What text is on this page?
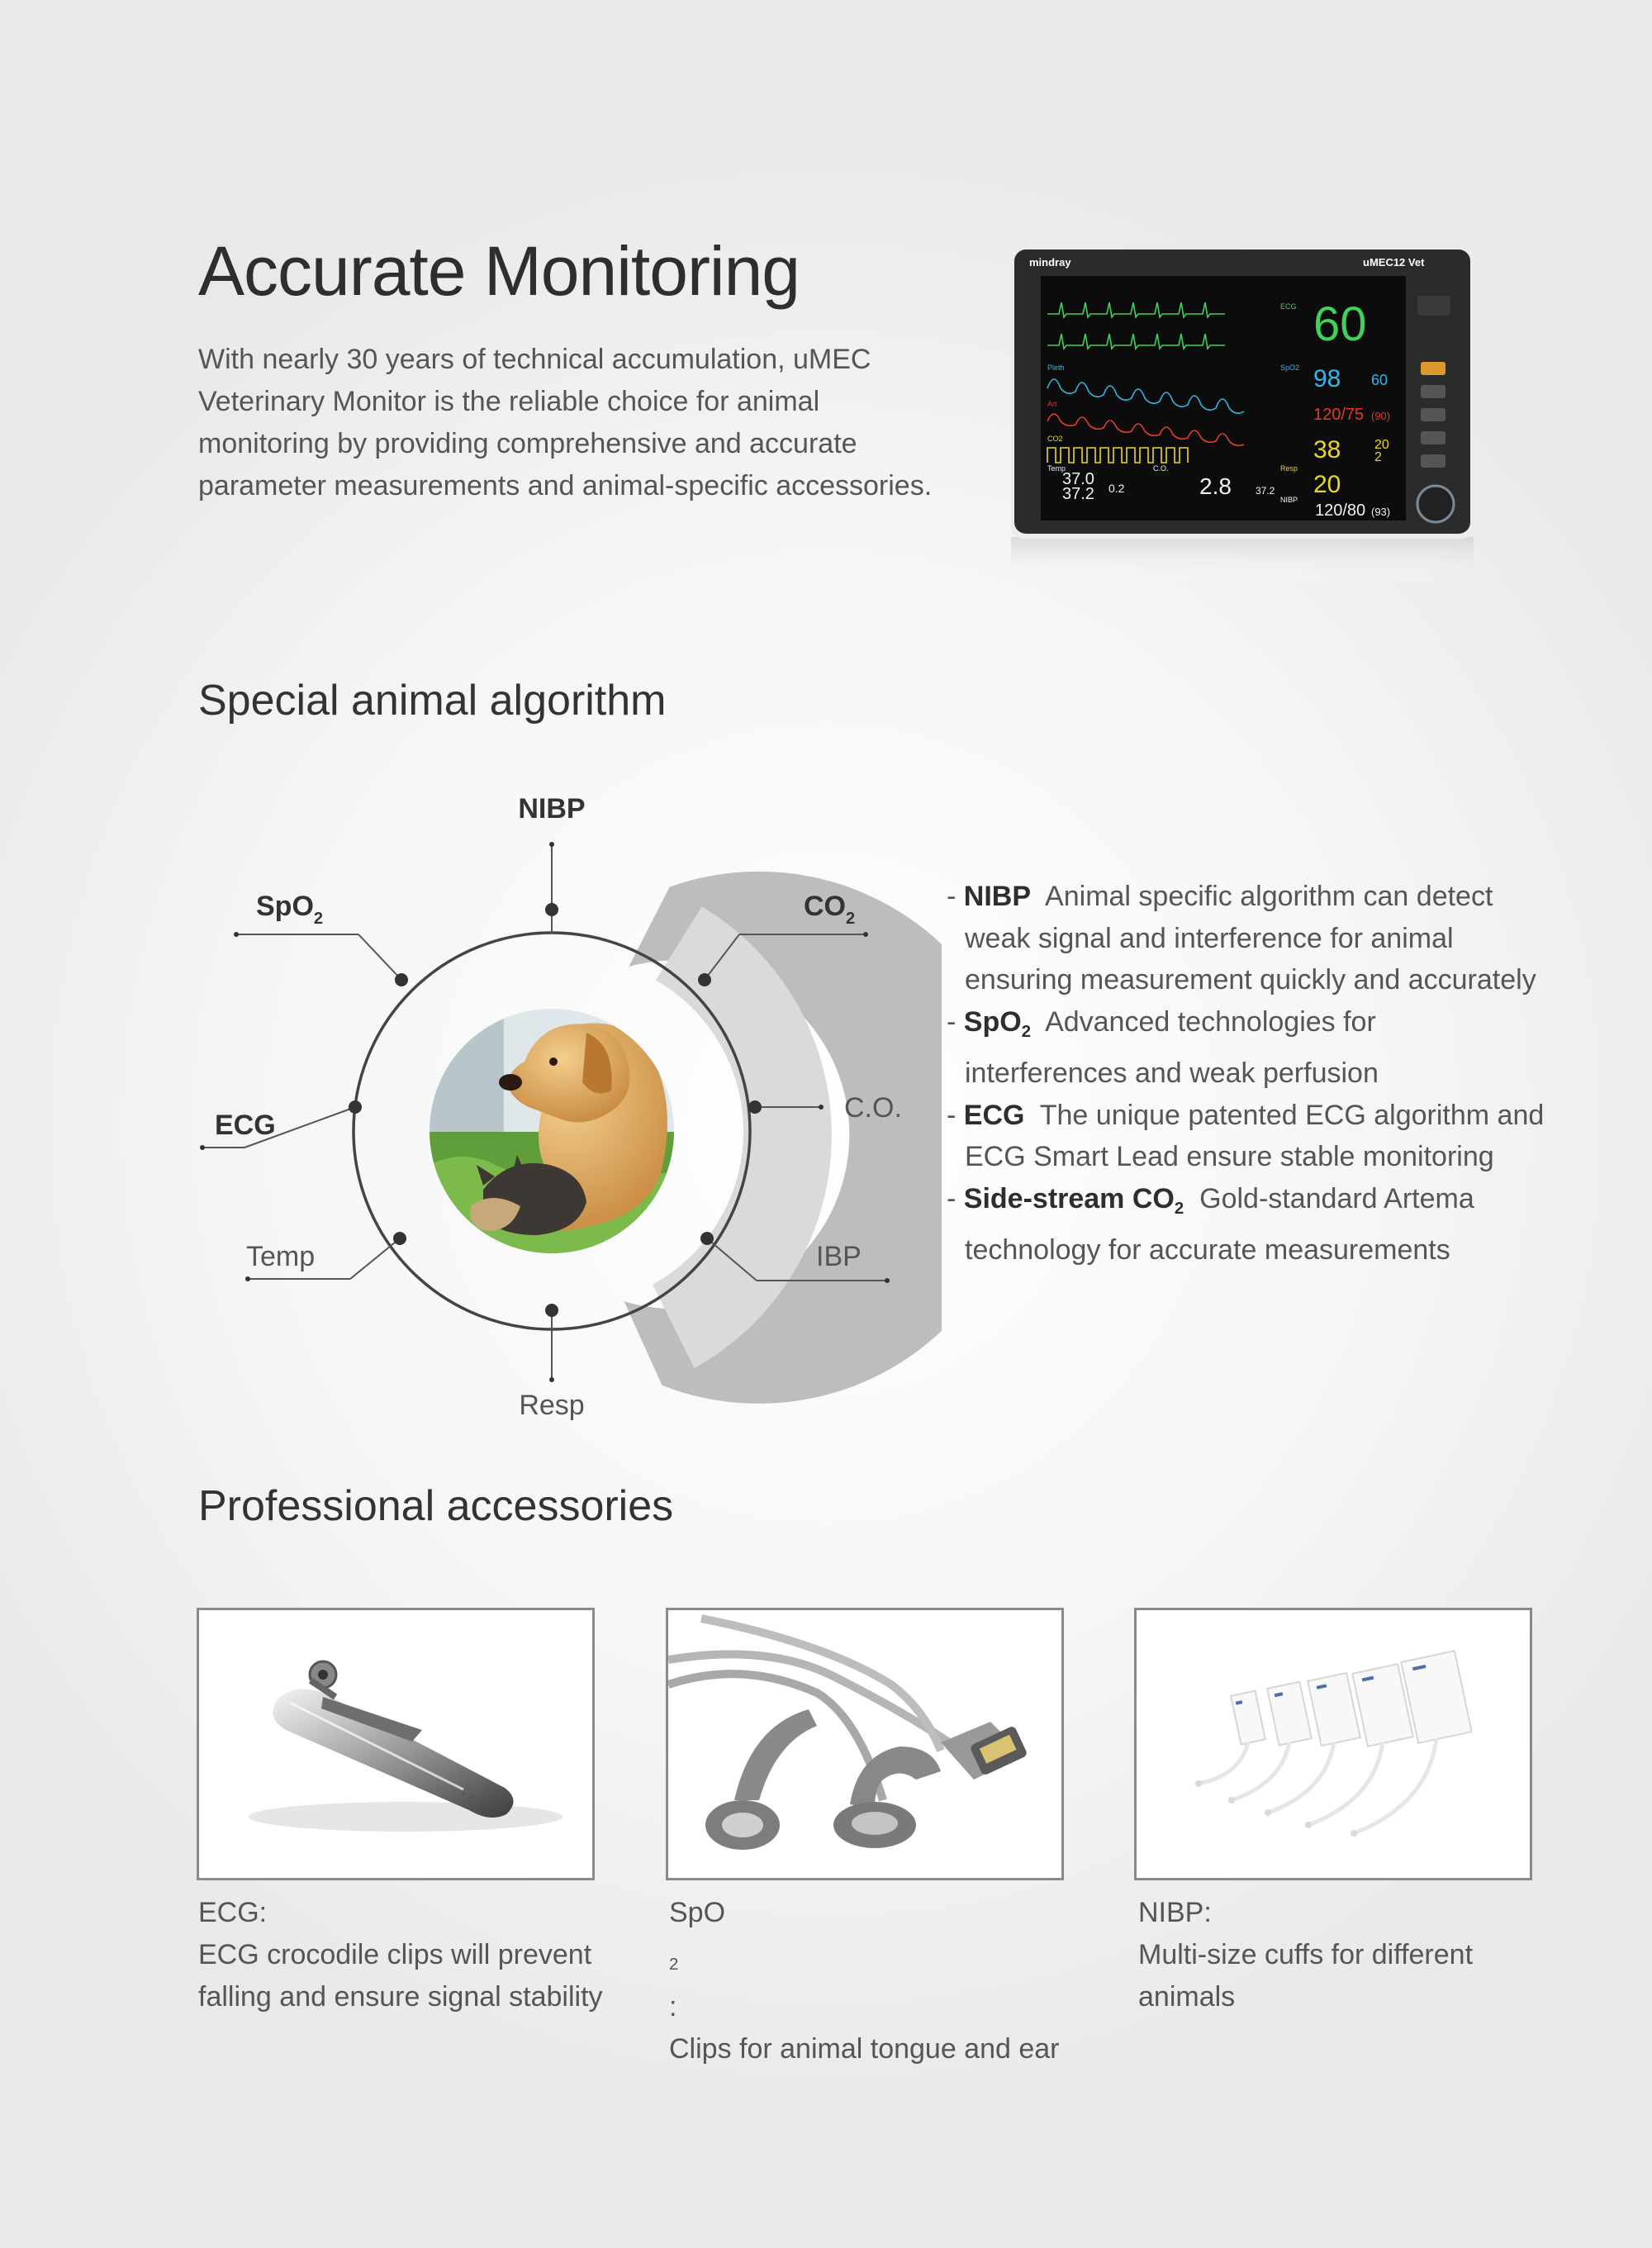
Accurate Monitoring

With nearly 30 years of technical accumulation, uMEC
Veterinary Monitor is the reliable choice for animal
monitoring by providing comprehensive and accurate
parameter measurements and animal-specific accessories.

mindray	uMEC12 Vet
ECG 60
Pleth	SpO2 98 60
Art
120/75 (90)
CO2	38	20
2
Temp
37.0
37.2 0.2
C.O.
2.8 37.2
Resp
20
NIBP
120/80 (93)
Special animal algorithm
NIBP
SpO$_2$	$CO_2$
ECG
C.O.
Temp	IBP
Resp
- NIBP Animal specific algorithm can detect
weak signal and interference for animal
ensuring measurement quickly and accurately
- SpO$_2$ Advanced technologies for
interferences and weak perfusion
- ECG The unique patented ECG algorithm and
ECG Smart Lead ensure stable monitoring
- Side-stream $CO_2$ Gold-standard Artema
technology for accurate measurements
Professional accessories
ECG:
ECG crocodile clips will prevent
falling and ensure signal stability
SpO
$_2$
:
Clips for animal tongue and ear
NIBP:
Multi-size cuffs for different
animals
